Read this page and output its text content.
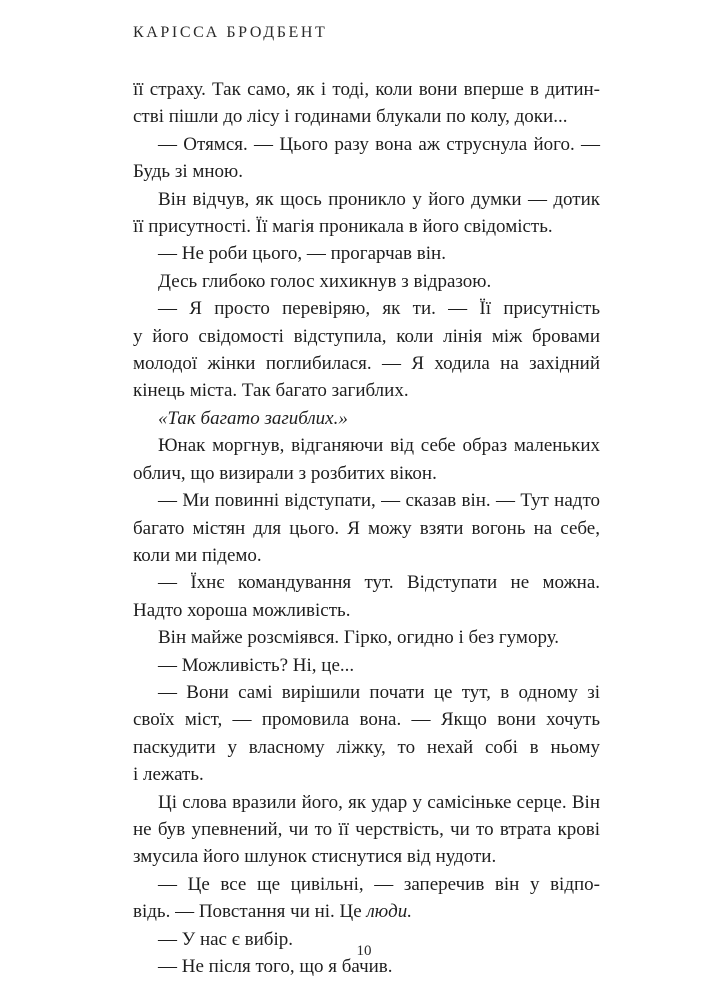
КАРІССА БРОДБЕНТ

її страху. Так само, як і тоді, коли вони вперше в дитин-
стві пішли до лісу і годинами блукали по колу, доки...

— Отямся. — Цього разу вона аж струснула його. —
Будь зі мною.

Він відчув, як щось проникло у його думки — дотик
її присутності. Її магія проникала в його свідомість.

— Не роби цього, — прогарчав він.

Десь глибоко голос хихикнув з відразою.

— Я просто перевіряю, як ти. — Її присутність
у його свідомості відступила, коли лінія між бровами
молодої жінки поглибилася. — Я ходила на західний
кінець міста. Так багато загиблих.

«Так багато загиблих.»

Юнак моргнув, відганяючи від себе образ маленьких
облич, що визирали з розбитих вікон.

— Ми повинні відступати, — сказав він. — Тут надто
багато містян для цього. Я можу взяти вогонь на себе,
коли ми підемо.

— Їхнє командування тут. Відступати не можна.
Надто хороша можливість.

Він майже розсміявся. Гірко, огидно і без гумору.

— Можливість? Ні, це...

— Вони самі вирішили почати це тут, в одному зі
своїх міст, — промовила вона. — Якщо вони хочуть
паскудити у власному ліжку, то нехай собі в ньому
і лежать.

Ці слова вразили його, як удар у самісіньке серце. Він
не був упевнений, чи то її черствість, чи то втрата крові
змусила його шлунок стиснутися від нудоти.

— Це все ще цивільні, — заперечив він у відпо-
відь. — Повстання чи ні. Це люди.

— У нас є вибір.

— Не після того, що я бачив.

10
